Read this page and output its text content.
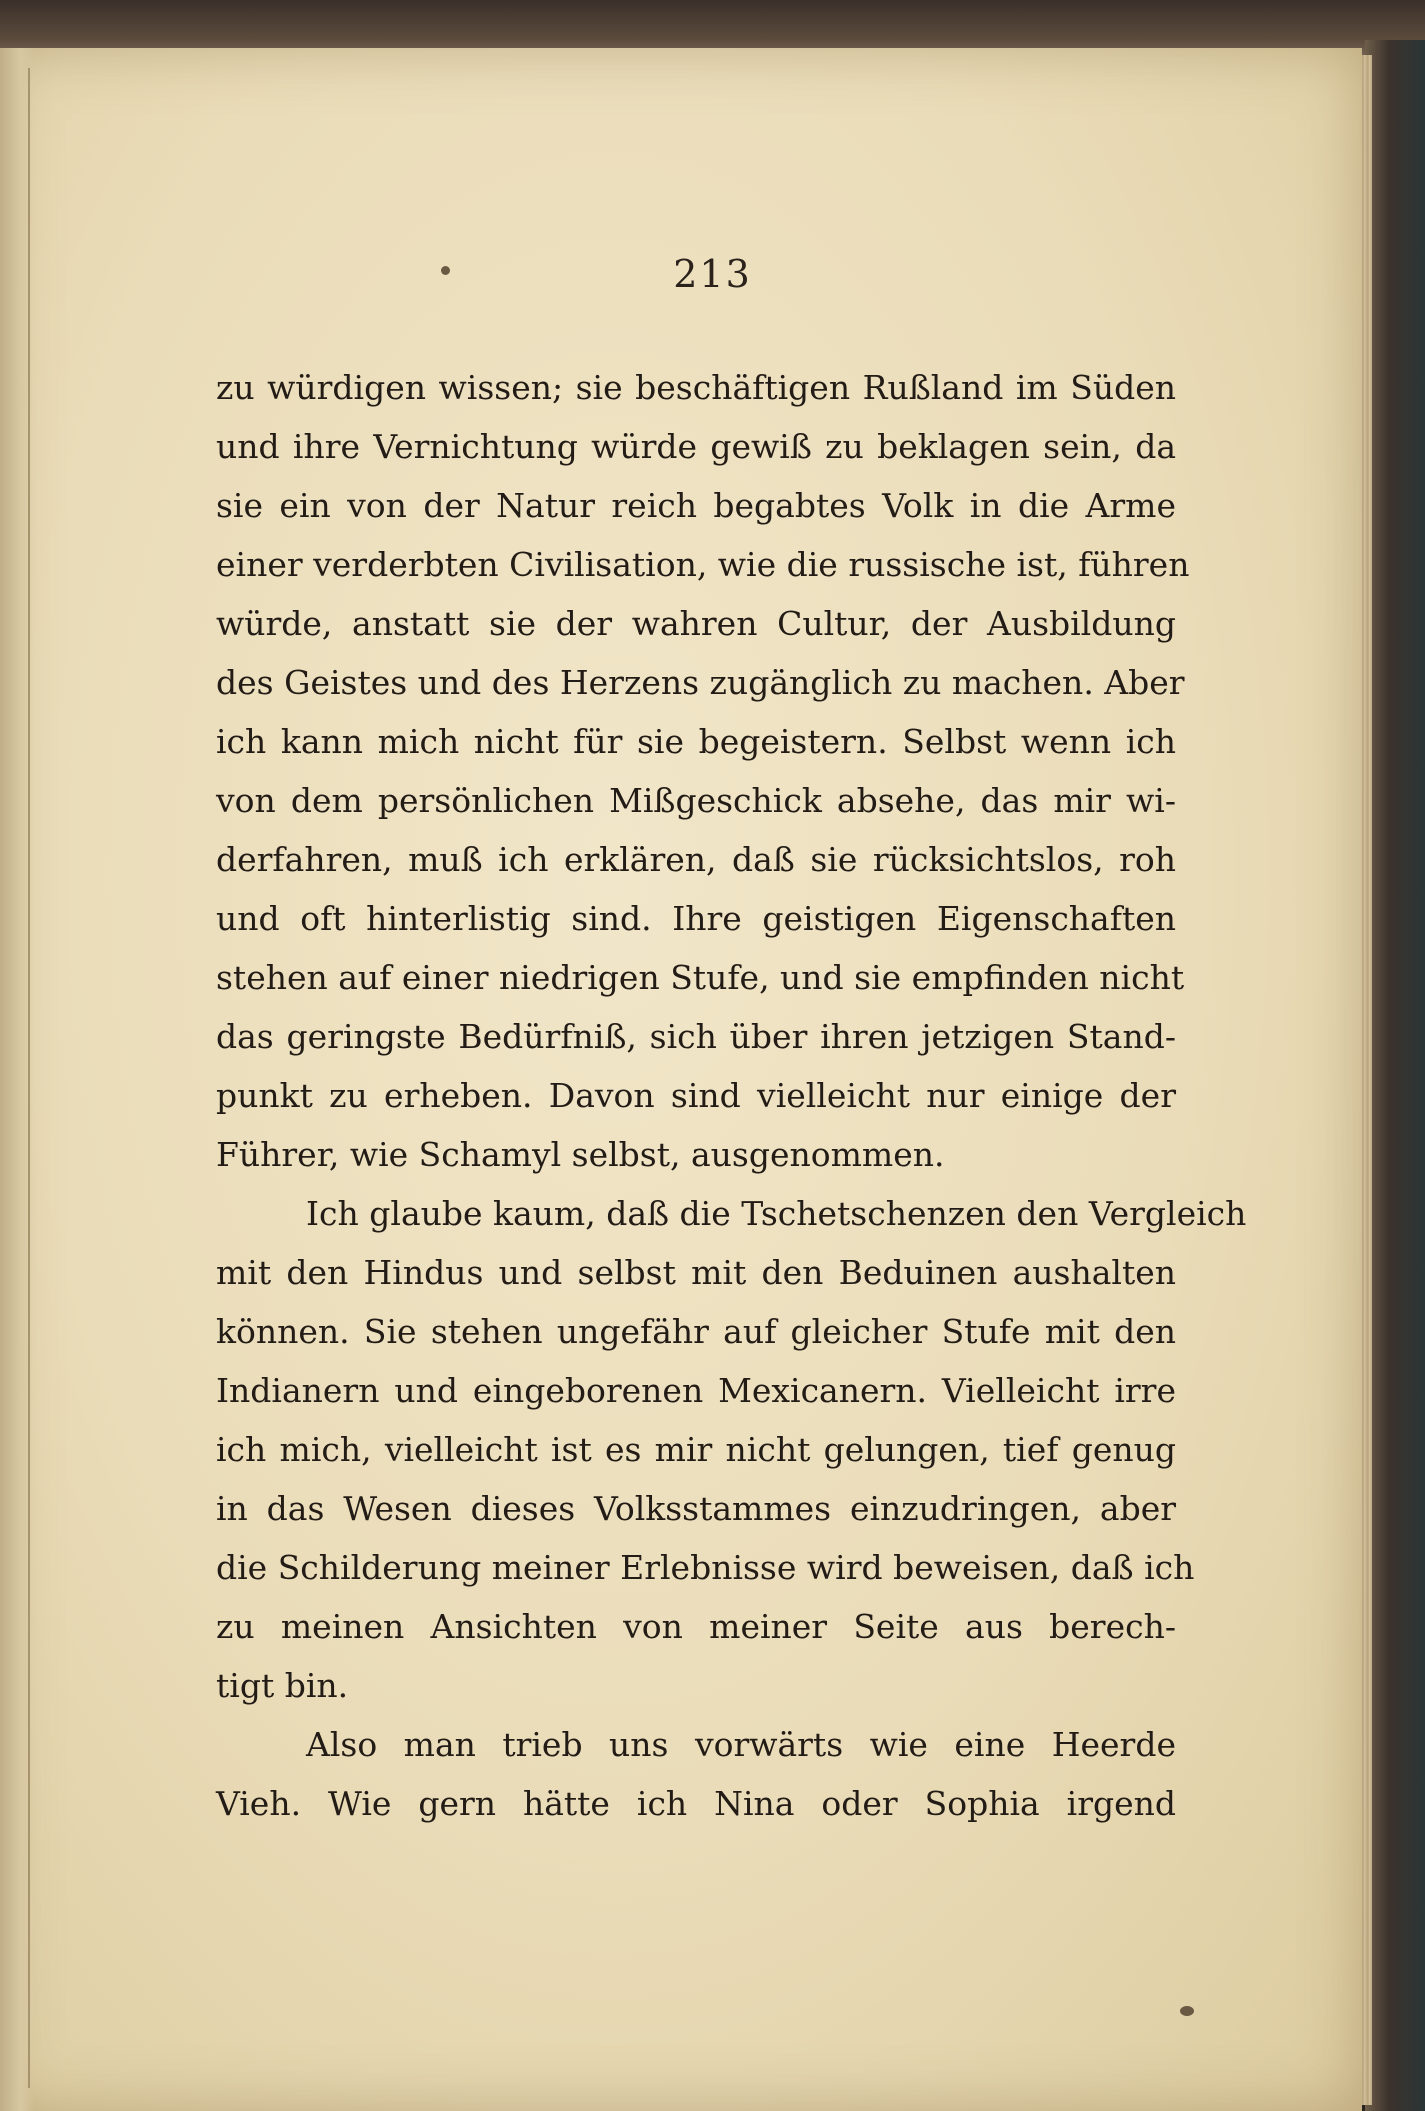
213
zu würdigen wissen; sie beschäftigen Rußland im Süden
und ihre Vernichtung würde gewiß zu beklagen sein, da
sie ein von der Natur reich begabtes Volk in die Arme
einer verderbten Civilisation, wie die russische ist, führen
würde, anstatt sie der wahren Cultur, der Ausbildung
des Geistes und des Herzens zugänglich zu machen. Aber
ich kann mich nicht für sie begeistern. Selbst wenn ich
von dem persönlichen Mißgeschick absehe, das mir wi-
derfahren, muß ich erklären, daß sie rücksichtslos, roh
und oft hinterlistig sind. Ihre geistigen Eigenschaften
stehen auf einer niedrigen Stufe, und sie empfinden nicht
das geringste Bedürfniß, sich über ihren jetzigen Stand-
punkt zu erheben. Davon sind vielleicht nur einige der
Führer, wie Schamyl selbst, ausgenommen.
Ich glaube kaum, daß die Tschetschenzen den Vergleich
mit den Hindus und selbst mit den Beduinen aushalten
können. Sie stehen ungefähr auf gleicher Stufe mit den
Indianern und eingeborenen Mexicanern. Vielleicht irre
ich mich, vielleicht ist es mir nicht gelungen, tief genug
in das Wesen dieses Volksstammes einzudringen, aber
die Schilderung meiner Erlebnisse wird beweisen, daß ich
zu meinen Ansichten von meiner Seite aus berech-
tigt bin.
Also man trieb uns vorwärts wie eine Heerde
Vieh. Wie gern hätte ich Nina oder Sophia irgend
